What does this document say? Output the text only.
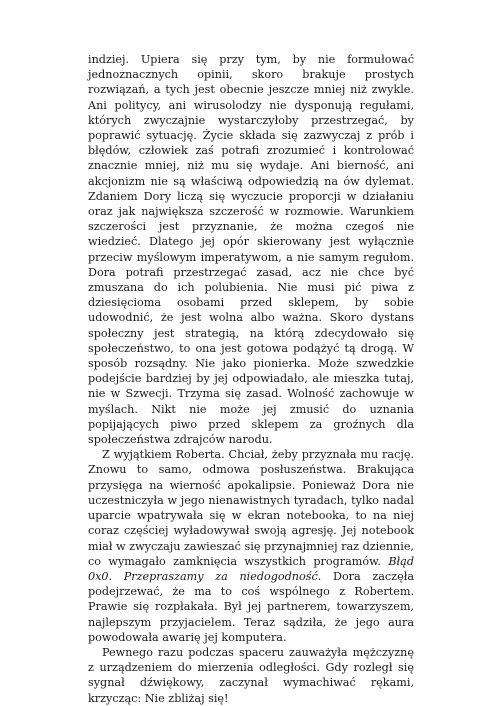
indziej. Upiera się przy tym, by nie formułować jednoznacznych opinii, skoro brakuje prostych rozwiązań, a tych jest obecnie jeszcze mniej niż zwykle. Ani politycy, ani wirusolodzy nie dysponują regułami, których zwyczajnie wystarczyłoby przestrzegać, by poprawić sytuację. Życie składa się zazwyczaj z prób i błędów, człowiek zaś potrafi zrozumieć i kontrolować znacznie mniej, niż mu się wydaje. Ani bierność, ani akcjonizm nie są właściwą odpowiedzią na ów dylemat. Zdaniem Dory liczą się wyczucie proporcji w działaniu oraz jak największa szczerość w rozmowie. Warunkiem szczerości jest przyznanie, że można czegoś nie wiedzieć. Dlatego jej opór skierowany jest wyłącznie przeciw myślowym imperatywom, a nie samym regułom. Dora potrafi przestrzegać zasad, acz nie chce być zmuszana do ich polubienia. Nie musi pić piwa z dziesięcioma osobami przed sklepem, by sobie udowodnić, że jest wolna albo ważna. Skoro dystans społeczny jest strategią, na którą zdecydowało się społeczeństwo, to ona jest gotowa podążyć tą drogą. W sposób rozsądny. Nie jako pionierka. Może szwedzkie podejście bardziej by jej odpowiadało, ale mieszka tutaj, nie w Szwecji. Trzyma się zasad. Wolność zachowuje w myślach. Nikt nie może jej zmusić do uznania popijających piwo przed sklepem za groźnych dla społeczeństwa zdrajców narodu.

Z wyjątkiem Roberta. Chciał, żeby przyznała mu rację. Znowu to samo, odmowa posłuszeństwa. Brakująca przysięga na wierność apokalipsie. Ponieważ Dora nie uczestniczyła w jego nienawistnych tyradach, tylko nadal uparcie wpatrywała się w ekran notebooka, to na niej coraz częściej wyładowywał swoją agresję. Jej notebook miał w zwyczaju zawieszać się przynajmniej raz dziennie, co wymagało zamknięcia wszystkich programów. Błąd 0x0. Przepraszamy za niedogodność. Dora zaczęła podejrzewać, że ma to coś wspólnego z Robertem. Prawie się rozpłakała. Był jej partnerem, towarzyszem, najlepszym przyjacielem. Teraz sądziła, że jego aura powodowała awarię jej komputera.

Pewnego razu podczas spaceru zauważyła mężczyznę z urządzeniem do mierzenia odległości. Gdy rozległ się sygnał dźwiękowy, zaczynał wymachiwać rękami, krzycząc: Nie zbliżaj się!
